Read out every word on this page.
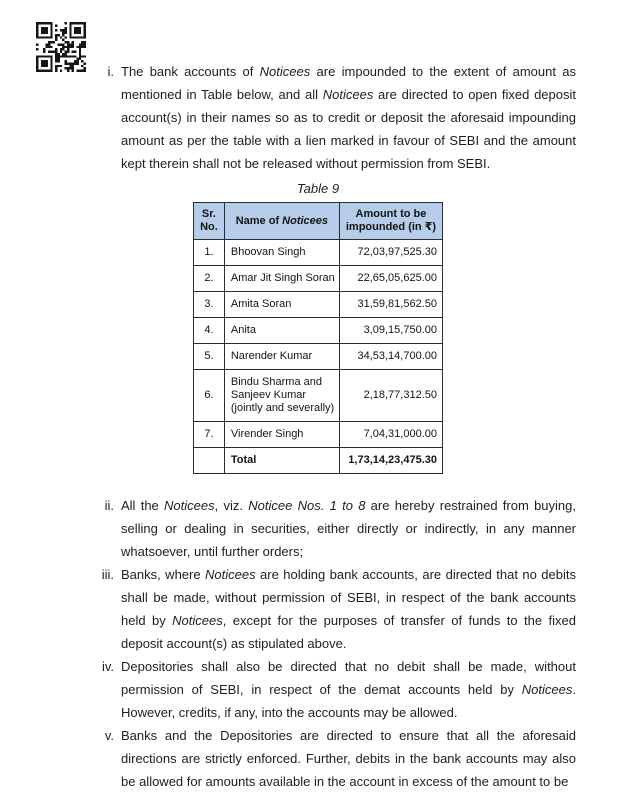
i. The bank accounts of Noticees are impounded to the extent of amount as mentioned in Table below, and all Noticees are directed to open fixed deposit account(s) in their names so as to credit or deposit the aforesaid impounding amount as per the table with a lien marked in favour of SEBI and the amount kept therein shall not be released without permission from SEBI.
Table 9
Sr. No.	Name of Noticees	Amount to be impounded (in ₹)
1.	Bhoovan Singh	72,03,97,525.30
2.	Amar Jit Singh Soran	22,65,05,625.00
3.	Amita Soran	31,59,81,562.50
4.	Anita	3,09,15,750.00
5.	Narender Kumar	34,53,14,700.00
6.	Bindu Sharma and Sanjeev Kumar (jointly and severally)	2,18,77,312.50
7.	Virender Singh	7,04,31,000.00
	Total	1,73,14,23,475.30
ii. All the Noticees, viz. Noticee Nos. 1 to 8 are hereby restrained from buying, selling or dealing in securities, either directly or indirectly, in any manner whatsoever, until further orders;
iii. Banks, where Noticees are holding bank accounts, are directed that no debits shall be made, without permission of SEBI, in respect of the bank accounts held by Noticees, except for the purposes of transfer of funds to the fixed deposit account(s) as stipulated above.
iv. Depositories shall also be directed that no debit shall be made, without permission of SEBI, in respect of the demat accounts held by Noticees. However, credits, if any, into the accounts may be allowed.
v. Banks and the Depositories are directed to ensure that all the aforesaid directions are strictly enforced. Further, debits in the bank accounts may also be allowed for amounts available in the account in excess of the amount to be
